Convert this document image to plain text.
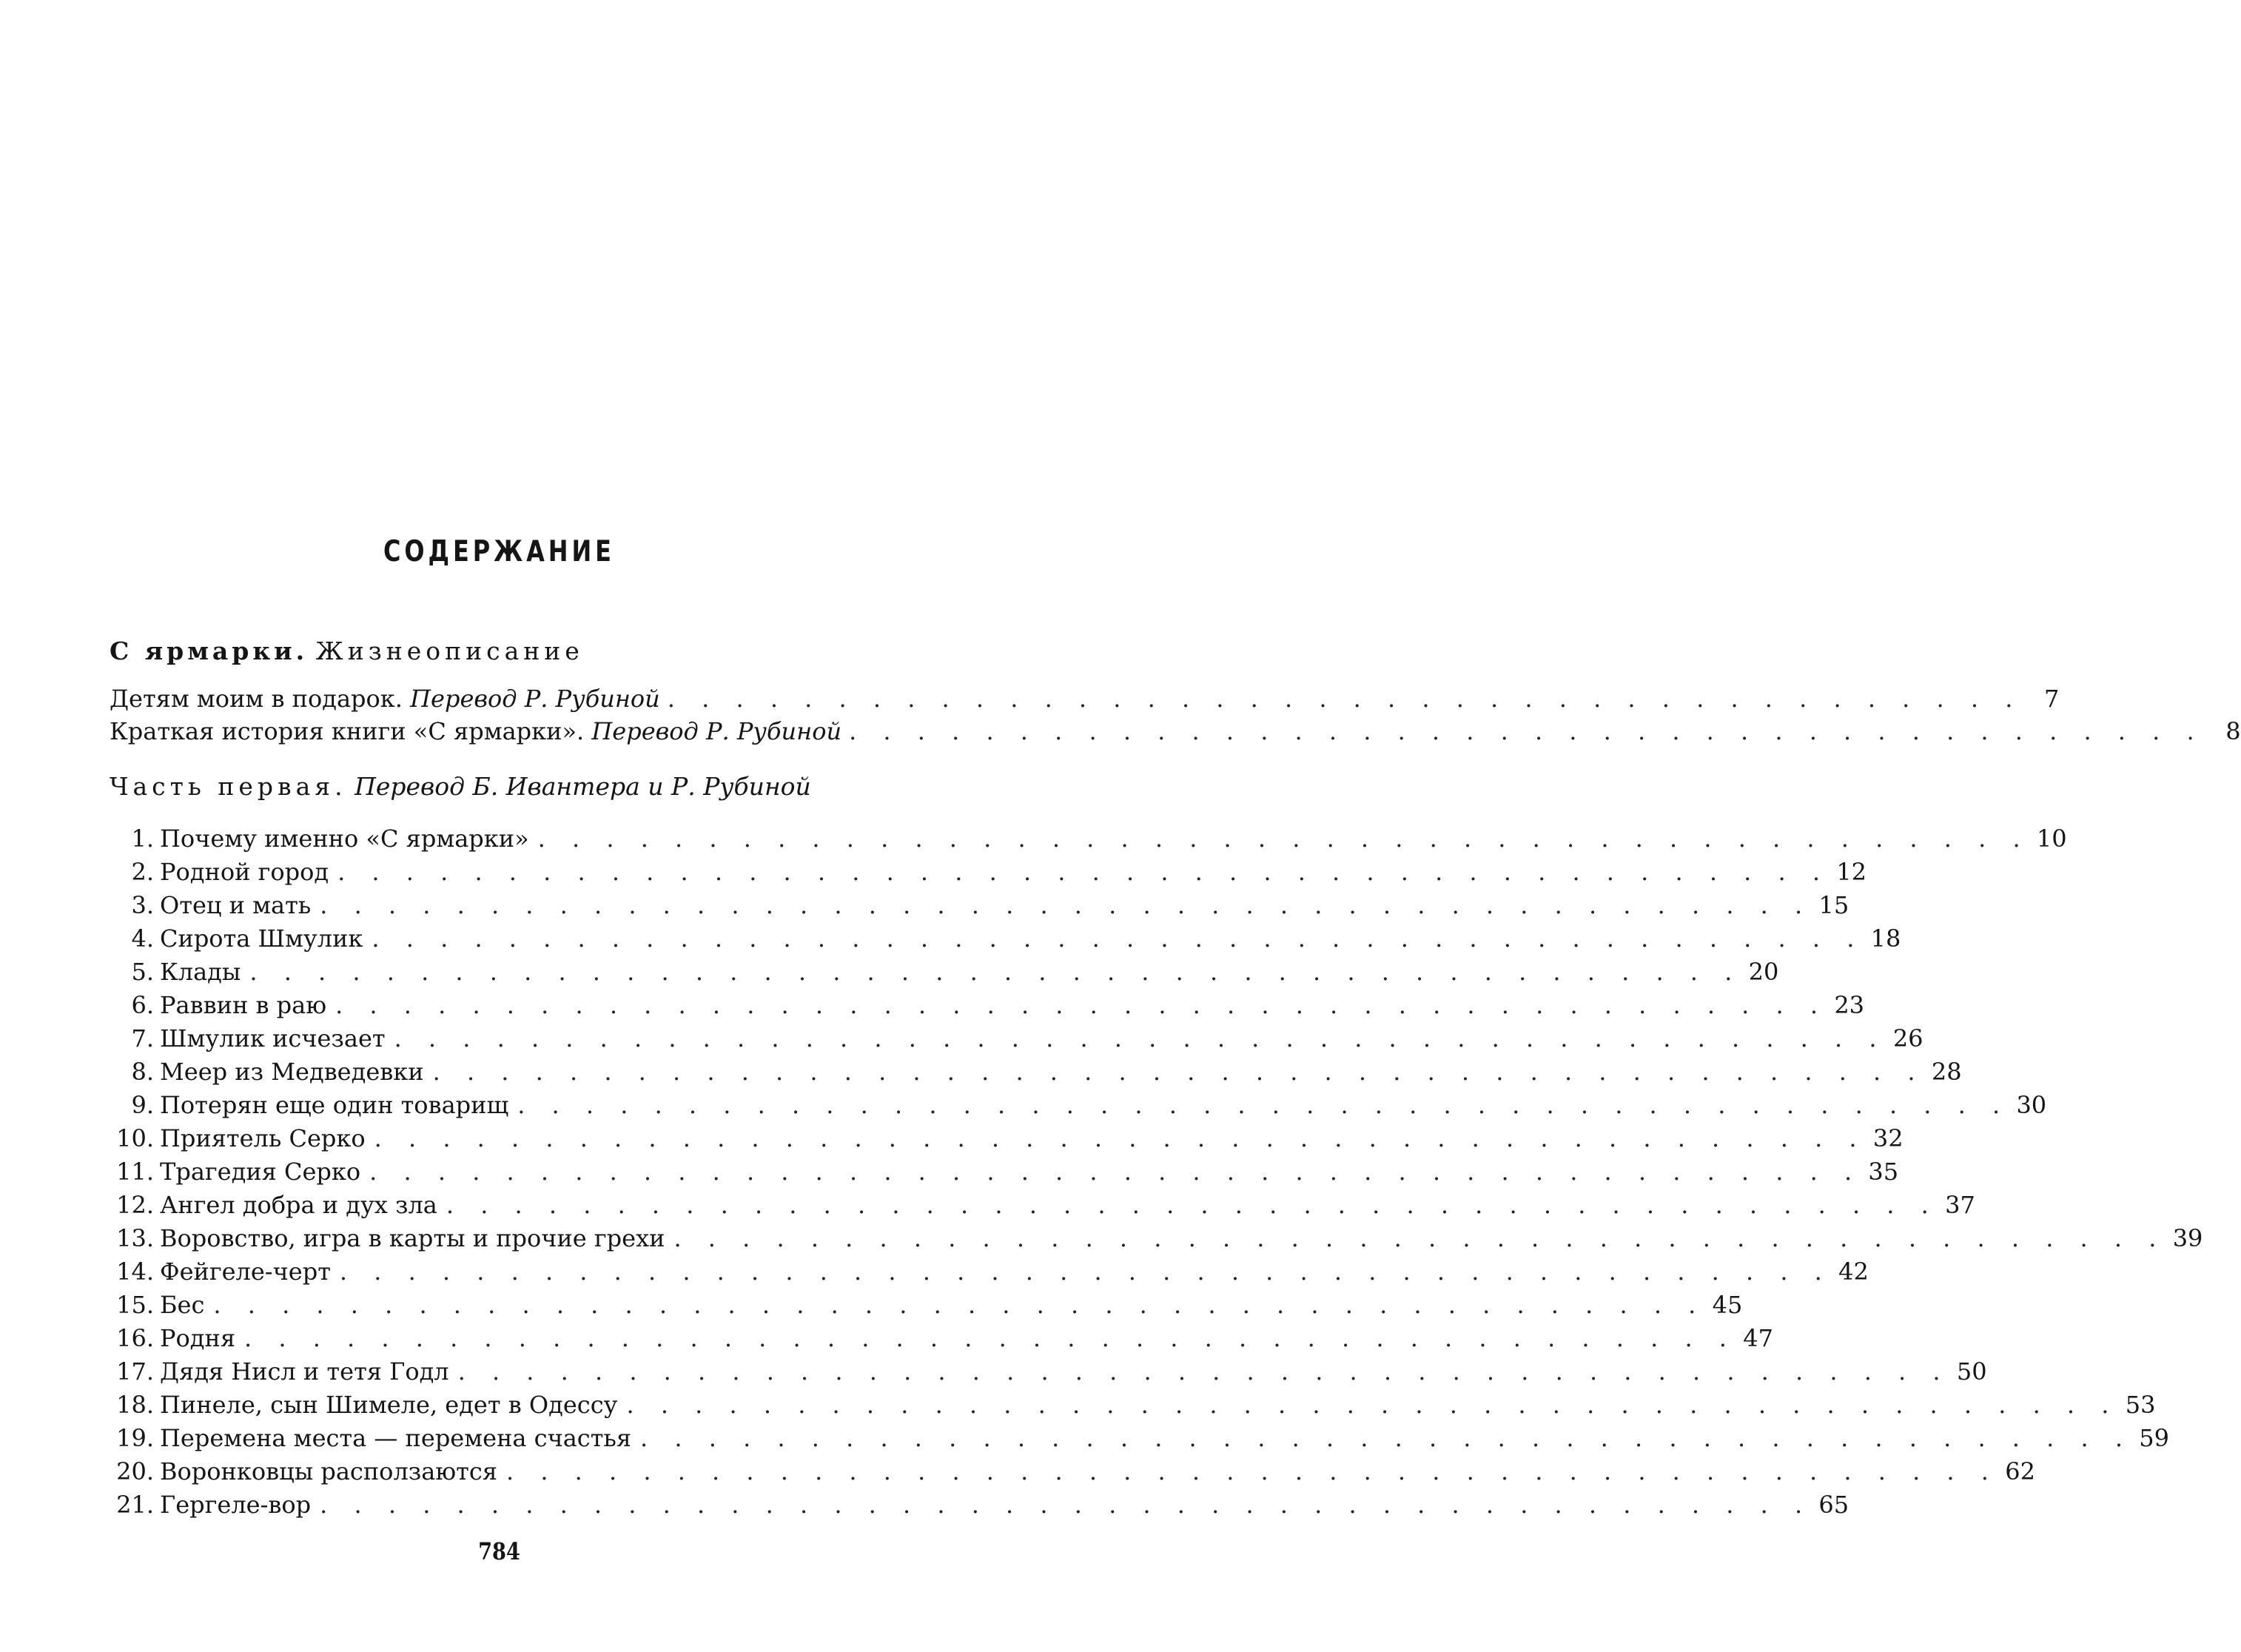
СОДЕРЖАНИЕ
С ярмарки. Жизнеописание
Детям моим в подарок. Перевод Р. Рубиной . . . . . . . . . . . . . . . . . . . . . . . . . . . . . . . . . . . . . . . . 7
Краткая история книги «С ярмарки». Перевод Р. Рубиной . . . . . . . . . . . . . . . . . . . . . . . . . . . . . . . . . . . . . . . . 8
Часть первая. Перевод Б. Ивантера и Р. Рубиной
1. Почему именно «С ярмарки» . . . . . . . . . . . . . . . . . . . . . . . . . . . . . . . . . . . . . . . . . . . . 10
2. Родной город . . . . . . . . . . . . . . . . . . . . . . . . . . . . . . . . . . . . . . . . . . . . 12
3. Отец и мать . . . . . . . . . . . . . . . . . . . . . . . . . . . . . . . . . . . . . . . . . . . . 15
4. Сирота Шмулик . . . . . . . . . . . . . . . . . . . . . . . . . . . . . . . . . . . . . . . . . . . . 18
5. Клады . . . . . . . . . . . . . . . . . . . . . . . . . . . . . . . . . . . . . . . . . . . . 20
6. Раввин в раю . . . . . . . . . . . . . . . . . . . . . . . . . . . . . . . . . . . . . . . . . . . . 23
7. Шмулик исчезает . . . . . . . . . . . . . . . . . . . . . . . . . . . . . . . . . . . . . . . . . . . . 26
8. Меер из Медведевки . . . . . . . . . . . . . . . . . . . . . . . . . . . . . . . . . . . . . . . . . . . . 28
9. Потерян еще один товарищ . . . . . . . . . . . . . . . . . . . . . . . . . . . . . . . . . . . . . . . . . . . . 30
10. Приятель Серко . . . . . . . . . . . . . . . . . . . . . . . . . . . . . . . . . . . . . . . . . . . . 32
11. Трагедия Серко . . . . . . . . . . . . . . . . . . . . . . . . . . . . . . . . . . . . . . . . . . . . 35
12. Ангел добра и дух зла . . . . . . . . . . . . . . . . . . . . . . . . . . . . . . . . . . . . . . . . . . . . 37
13. Воровство, игра в карты и прочие грехи . . . . . . . . . . . . . . . . . . . . . . . . . . . . . . . . . . . . . . . . . . . . 39
14. Фейгеле-черт . . . . . . . . . . . . . . . . . . . . . . . . . . . . . . . . . . . . . . . . . . . . 42
15. Бес . . . . . . . . . . . . . . . . . . . . . . . . . . . . . . . . . . . . . . . . . . . . 45
16. Родня . . . . . . . . . . . . . . . . . . . . . . . . . . . . . . . . . . . . . . . . . . . . 47
17. Дядя Нисл и тетя Годл . . . . . . . . . . . . . . . . . . . . . . . . . . . . . . . . . . . . . . . . . . . . 50
18. Пинеле, сын Шимеле, едет в Одессу . . . . . . . . . . . . . . . . . . . . . . . . . . . . . . . . . . . . . . . . . . . . 53
19. Перемена места — перемена счастья . . . . . . . . . . . . . . . . . . . . . . . . . . . . . . . . . . . . . . . . . . . . 59
20. Воронковцы расползаются . . . . . . . . . . . . . . . . . . . . . . . . . . . . . . . . . . . . . . . . . . . . 62
21. Гергеле-вор . . . . . . . . . . . . . . . . . . . . . . . . . . . . . . . . . . . . . . . . . . . . 65
784
